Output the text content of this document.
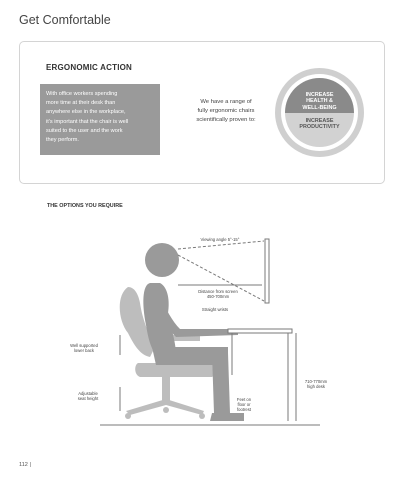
Get Comfortable
ERGONOMIC ACTION
With office workers spending
more time at their desk than
anywhere else in the workplace,
it's important that the chair is well
suited to the user and the work
they perform.
We have a range of
fully ergonomic chairs
scientifically proven to:
INCREASE
HEALTH &
WELL-BEING
INCREASE
PRODUCTIVITY
THE OPTIONS YOU REQUIRE
Viewing angle 5°-15°
Distance from screen
450-700mm
Straight wrists
Well supported
lower back
Adjustable
seat height	Feet on
floor or
footrest
710-770mm
high desk
112 |
